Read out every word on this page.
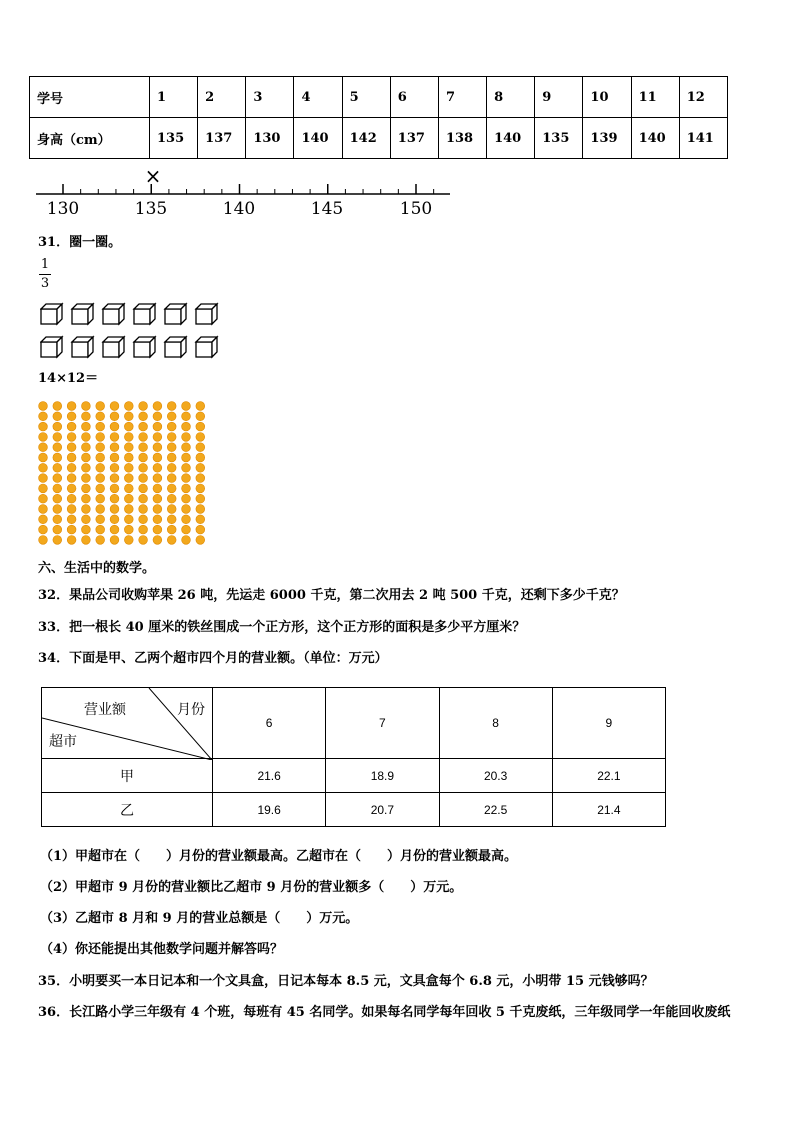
学号	1	2	3	4	5	6	7	8	9	10	11	12
身高（cm）	135	137	130	140	142	137	138	140	135	139	140	141
130	135	140	145	150
×
31．圈一圈。
1
3
14×12＝
六、生活中的数学。
32．果品公司收购苹果 26 吨，先运走 6000 千克，第二次用去 2 吨 500 千克，还剩下多少千克？
33．把一根长 40 厘米的铁丝围成一个正方形，这个正方形的面积是多少平方厘米？
34．下面是甲、乙两个超市四个月的营业额。（单位：万元）
营业额 月份
超市	6	7	8	9
甲	21.6	18.9	20.3	22.1
乙	19.6	20.7	22.5	21.4
（1）甲超市在（　　）月份的营业额最高。乙超市在（　　）月份的营业额最高。
（2）甲超市 9 月份的营业额比乙超市 9 月份的营业额多（　　）万元。
（3）乙超市 8 月和 9 月的营业总额是（　　）万元。
（4）你还能提出其他数学问题并解答吗？
35．小明要买一本日记本和一个文具盒，日记本每本 8.5 元，文具盒每个 6.8 元，小明带 15 元钱够吗？
36．长江路小学三年级有 4 个班，每班有 45 名同学。如果每名同学每年回收 5 千克废纸，三年级同学一年能回收废纸
